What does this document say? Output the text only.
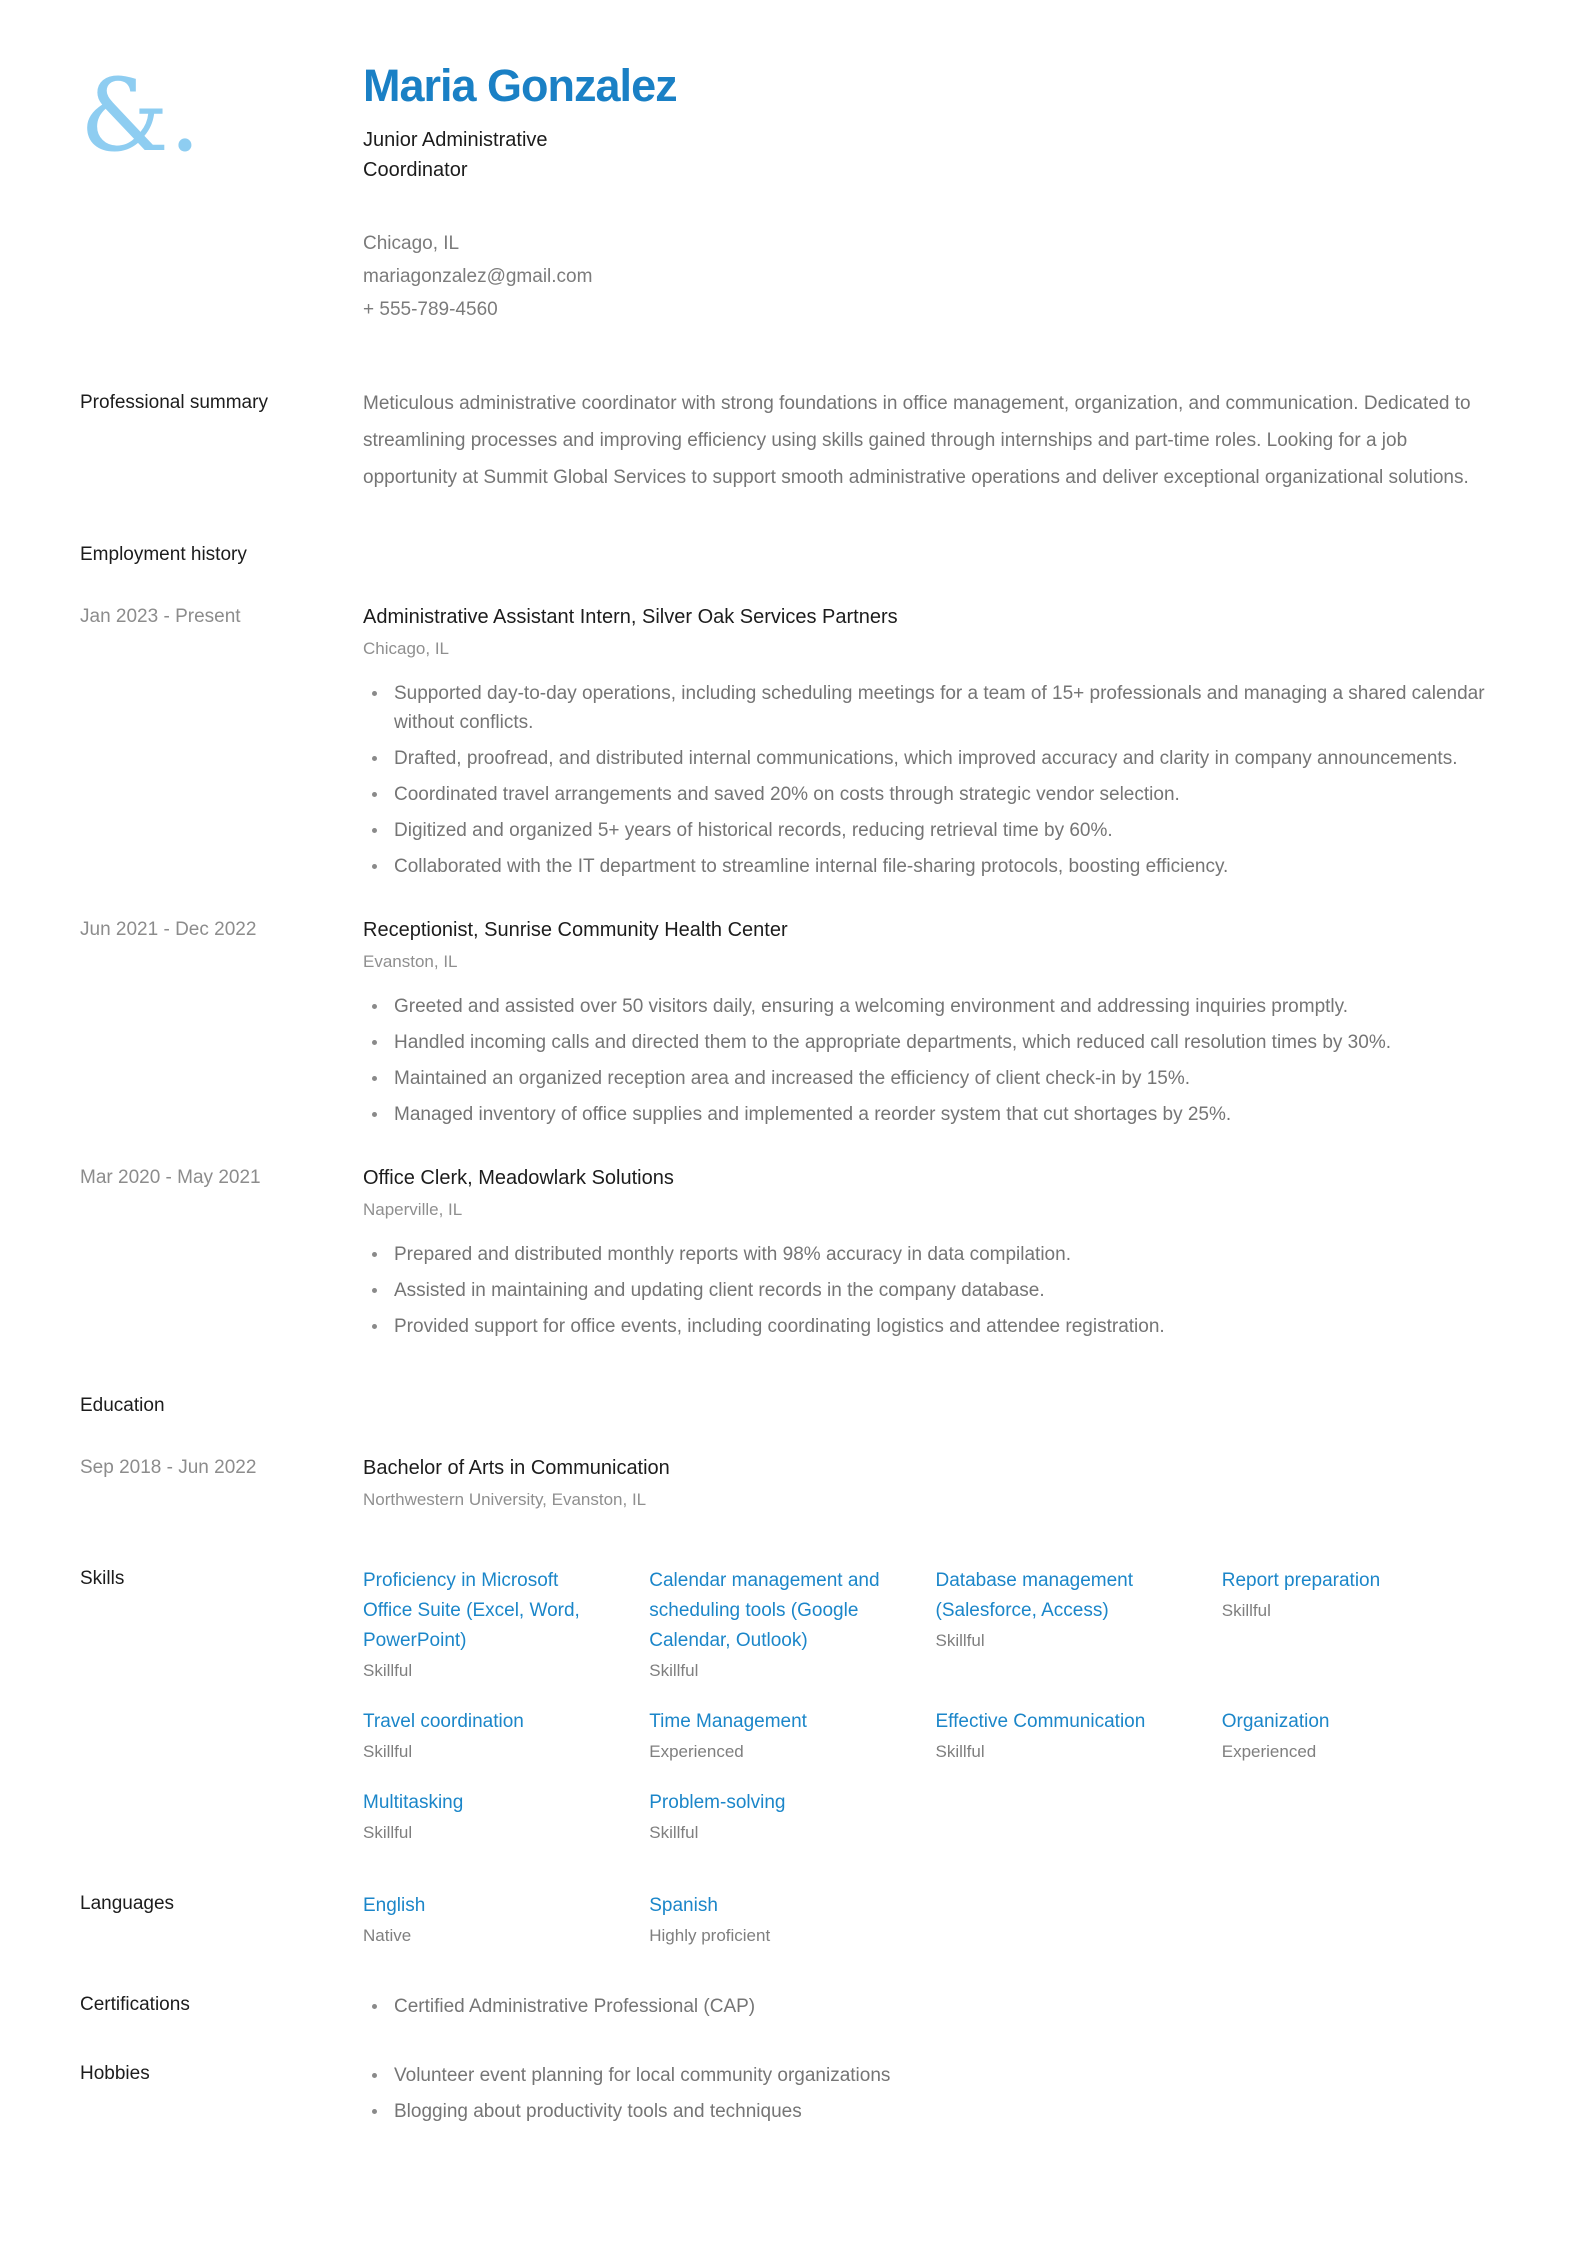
&.	Maria Gonzalez
Junior Administrative Coordinator
Chicago, IL
mariagonzalez@gmail.com
+ 555-789-4560
Professional summary	Meticulous administrative coordinator with strong foundations in office management, organization, and communication. Dedicated to streamlining processes and improving efficiency using skills gained through internships and part-time roles. Looking for a job opportunity at Summit Global Services to support smooth administrative operations and deliver exceptional organizational solutions.
Employment history
Jan 2023 - Present	Administrative Assistant Intern, Silver Oak Services Partners
Chicago, IL
Supported day-to-day operations, including scheduling meetings for a team of 15+ professionals and managing a shared calendar without conflicts.
Drafted, proofread, and distributed internal communications, which improved accuracy and clarity in company announcements.
Coordinated travel arrangements and saved 20% on costs through strategic vendor selection.
Digitized and organized 5+ years of historical records, reducing retrieval time by 60%.
Collaborated with the IT department to streamline internal file-sharing protocols, boosting efficiency.
Jun 2021 - Dec 2022	Receptionist, Sunrise Community Health Center
Evanston, IL
Greeted and assisted over 50 visitors daily, ensuring a welcoming environment and addressing inquiries promptly.
Handled incoming calls and directed them to the appropriate departments, which reduced call resolution times by 30%.
Maintained an organized reception area and increased the efficiency of client check-in by 15%.
Managed inventory of office supplies and implemented a reorder system that cut shortages by 25%.
Mar 2020 - May 2021	Office Clerk, Meadowlark Solutions
Naperville, IL
Prepared and distributed monthly reports with 98% accuracy in data compilation.
Assisted in maintaining and updating client records in the company database.
Provided support for office events, including coordinating logistics and attendee registration.
Education
Sep 2018 - Jun 2022	Bachelor of Arts in Communication
Northwestern University, Evanston, IL
Skills	Proficiency in Microsoft Office Suite (Excel, Word, PowerPoint)
Skillful
Calendar management and scheduling tools (Google Calendar, Outlook)
Skillful
Database management (Salesforce, Access)
Skillful
Report preparation
Skillful
Travel coordination
Skillful
Time Management
Experienced
Effective Communication
Skillful
Organization
Experienced
Multitasking
Skillful
Problem-solving
Skillful
Languages	English
Native
Spanish
Highly proficient
Certifications	Certified Administrative Professional (CAP)
Hobbies	Volunteer event planning for local community organizations
Blogging about productivity tools and techniques
